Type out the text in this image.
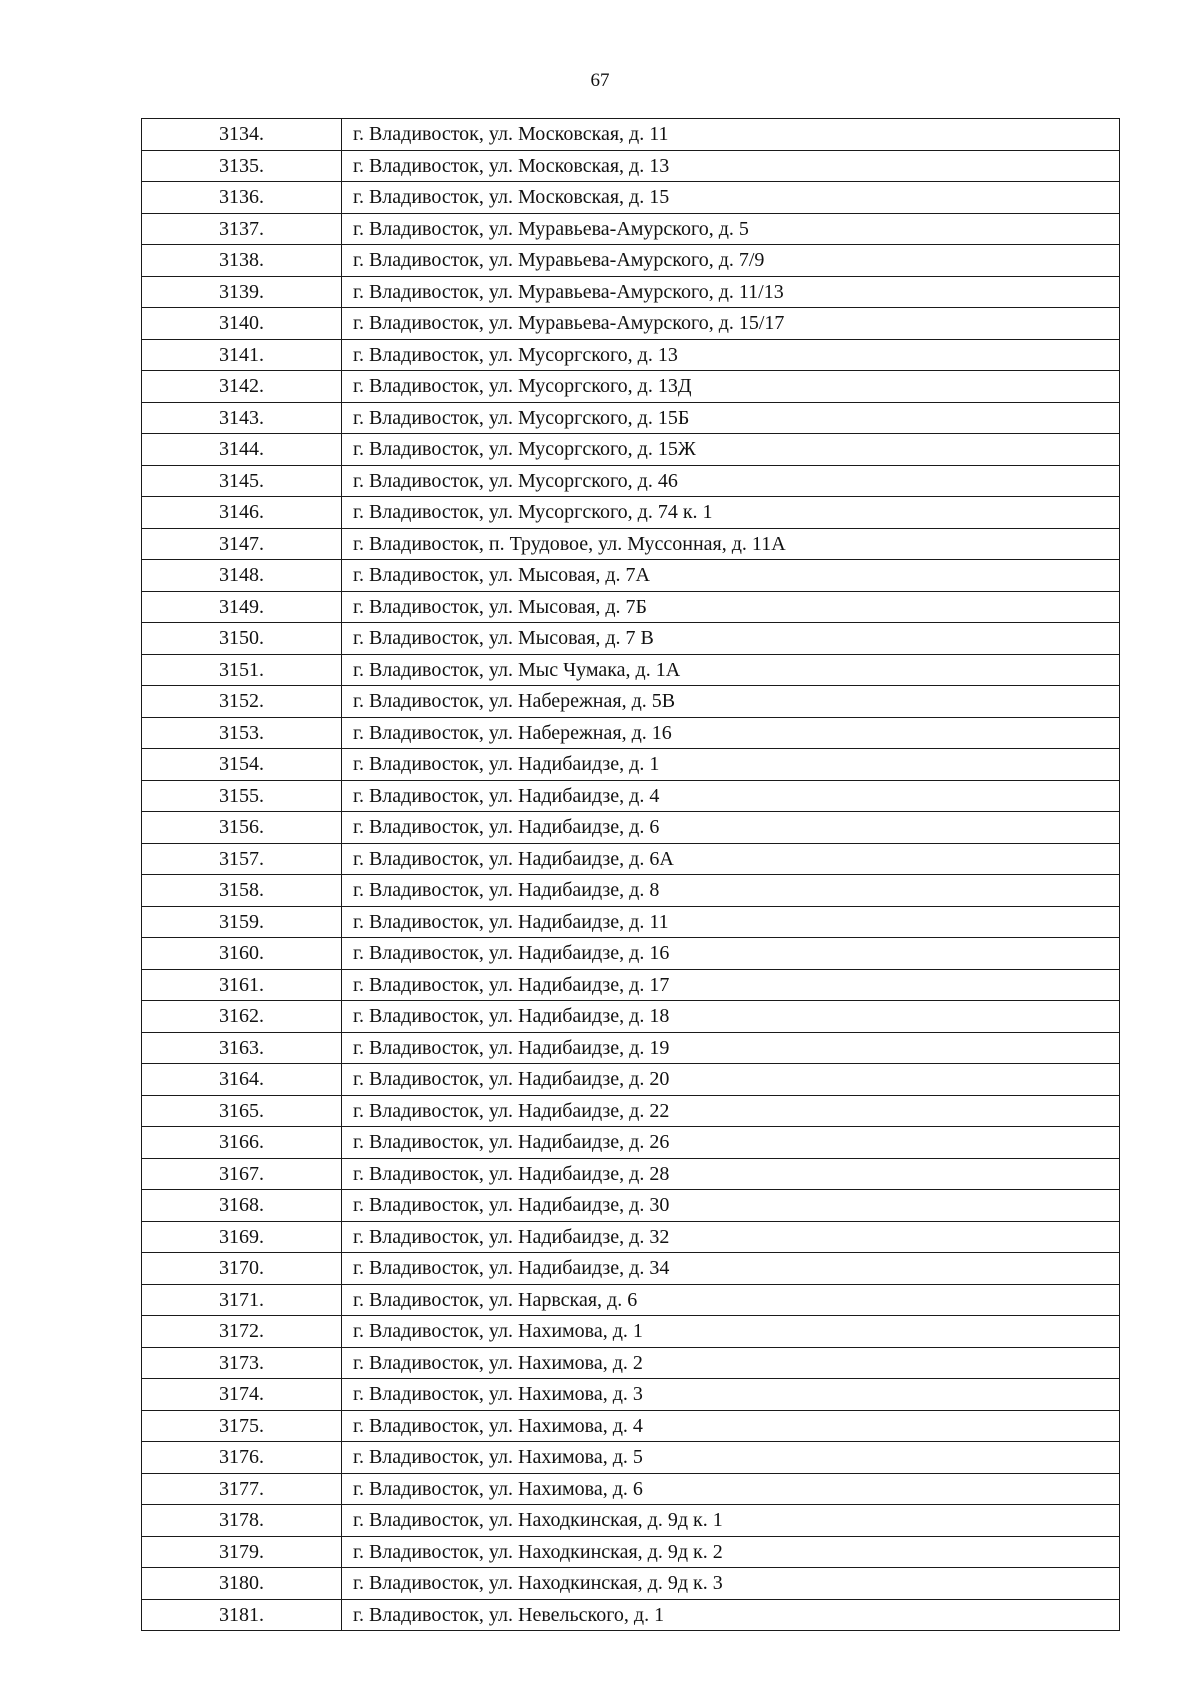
67
3134.	г. Владивосток, ул. Московская, д. 11
3135.	г. Владивосток, ул. Московская, д. 13
3136.	г. Владивосток, ул. Московская, д. 15
3137.	г. Владивосток, ул. Муравьева-Амурского, д. 5
3138.	г. Владивосток, ул. Муравьева-Амурского, д. 7/9
3139.	г. Владивосток, ул. Муравьева-Амурского, д. 11/13
3140.	г. Владивосток, ул. Муравьева-Амурского, д. 15/17
3141.	г. Владивосток, ул. Мусоргского, д. 13
3142.	г. Владивосток, ул. Мусоргского, д. 13Д
3143.	г. Владивосток, ул. Мусоргского, д. 15Б
3144.	г. Владивосток, ул. Мусоргского, д. 15Ж
3145.	г. Владивосток, ул. Мусоргского, д. 46
3146.	г. Владивосток, ул. Мусоргского, д. 74 к. 1
3147.	г. Владивосток, п. Трудовое, ул. Муссонная, д. 11А
3148.	г. Владивосток, ул. Мысовая, д. 7А
3149.	г. Владивосток, ул. Мысовая, д. 7Б
3150.	г. Владивосток, ул. Мысовая, д. 7 В
3151.	г. Владивосток, ул. Мыс Чумака, д. 1А
3152.	г. Владивосток, ул. Набережная, д. 5В
3153.	г. Владивосток, ул. Набережная, д. 16
3154.	г. Владивосток, ул. Надибаидзе, д. 1
3155.	г. Владивосток, ул. Надибаидзе, д. 4
3156.	г. Владивосток, ул. Надибаидзе, д. 6
3157.	г. Владивосток, ул. Надибаидзе, д. 6А
3158.	г. Владивосток, ул. Надибаидзе, д. 8
3159.	г. Владивосток, ул. Надибаидзе, д. 11
3160.	г. Владивосток, ул. Надибаидзе, д. 16
3161.	г. Владивосток, ул. Надибаидзе, д. 17
3162.	г. Владивосток, ул. Надибаидзе, д. 18
3163.	г. Владивосток, ул. Надибаидзе, д. 19
3164.	г. Владивосток, ул. Надибаидзе, д. 20
3165.	г. Владивосток, ул. Надибаидзе, д. 22
3166.	г. Владивосток, ул. Надибаидзе, д. 26
3167.	г. Владивосток, ул. Надибаидзе, д. 28
3168.	г. Владивосток, ул. Надибаидзе, д. 30
3169.	г. Владивосток, ул. Надибаидзе, д. 32
3170.	г. Владивосток, ул. Надибаидзе, д. 34
3171.	г. Владивосток, ул. Нарвская, д. 6
3172.	г. Владивосток, ул. Нахимова, д. 1
3173.	г. Владивосток, ул. Нахимова, д. 2
3174.	г. Владивосток, ул. Нахимова, д. 3
3175.	г. Владивосток, ул. Нахимова, д. 4
3176.	г. Владивосток, ул. Нахимова, д. 5
3177.	г. Владивосток, ул. Нахимова, д. 6
3178.	г. Владивосток, ул. Находкинская, д. 9д к. 1
3179.	г. Владивосток, ул. Находкинская, д. 9д к. 2
3180.	г. Владивосток, ул. Находкинская, д. 9д к. 3
3181.	г. Владивосток, ул. Невельского, д. 1
